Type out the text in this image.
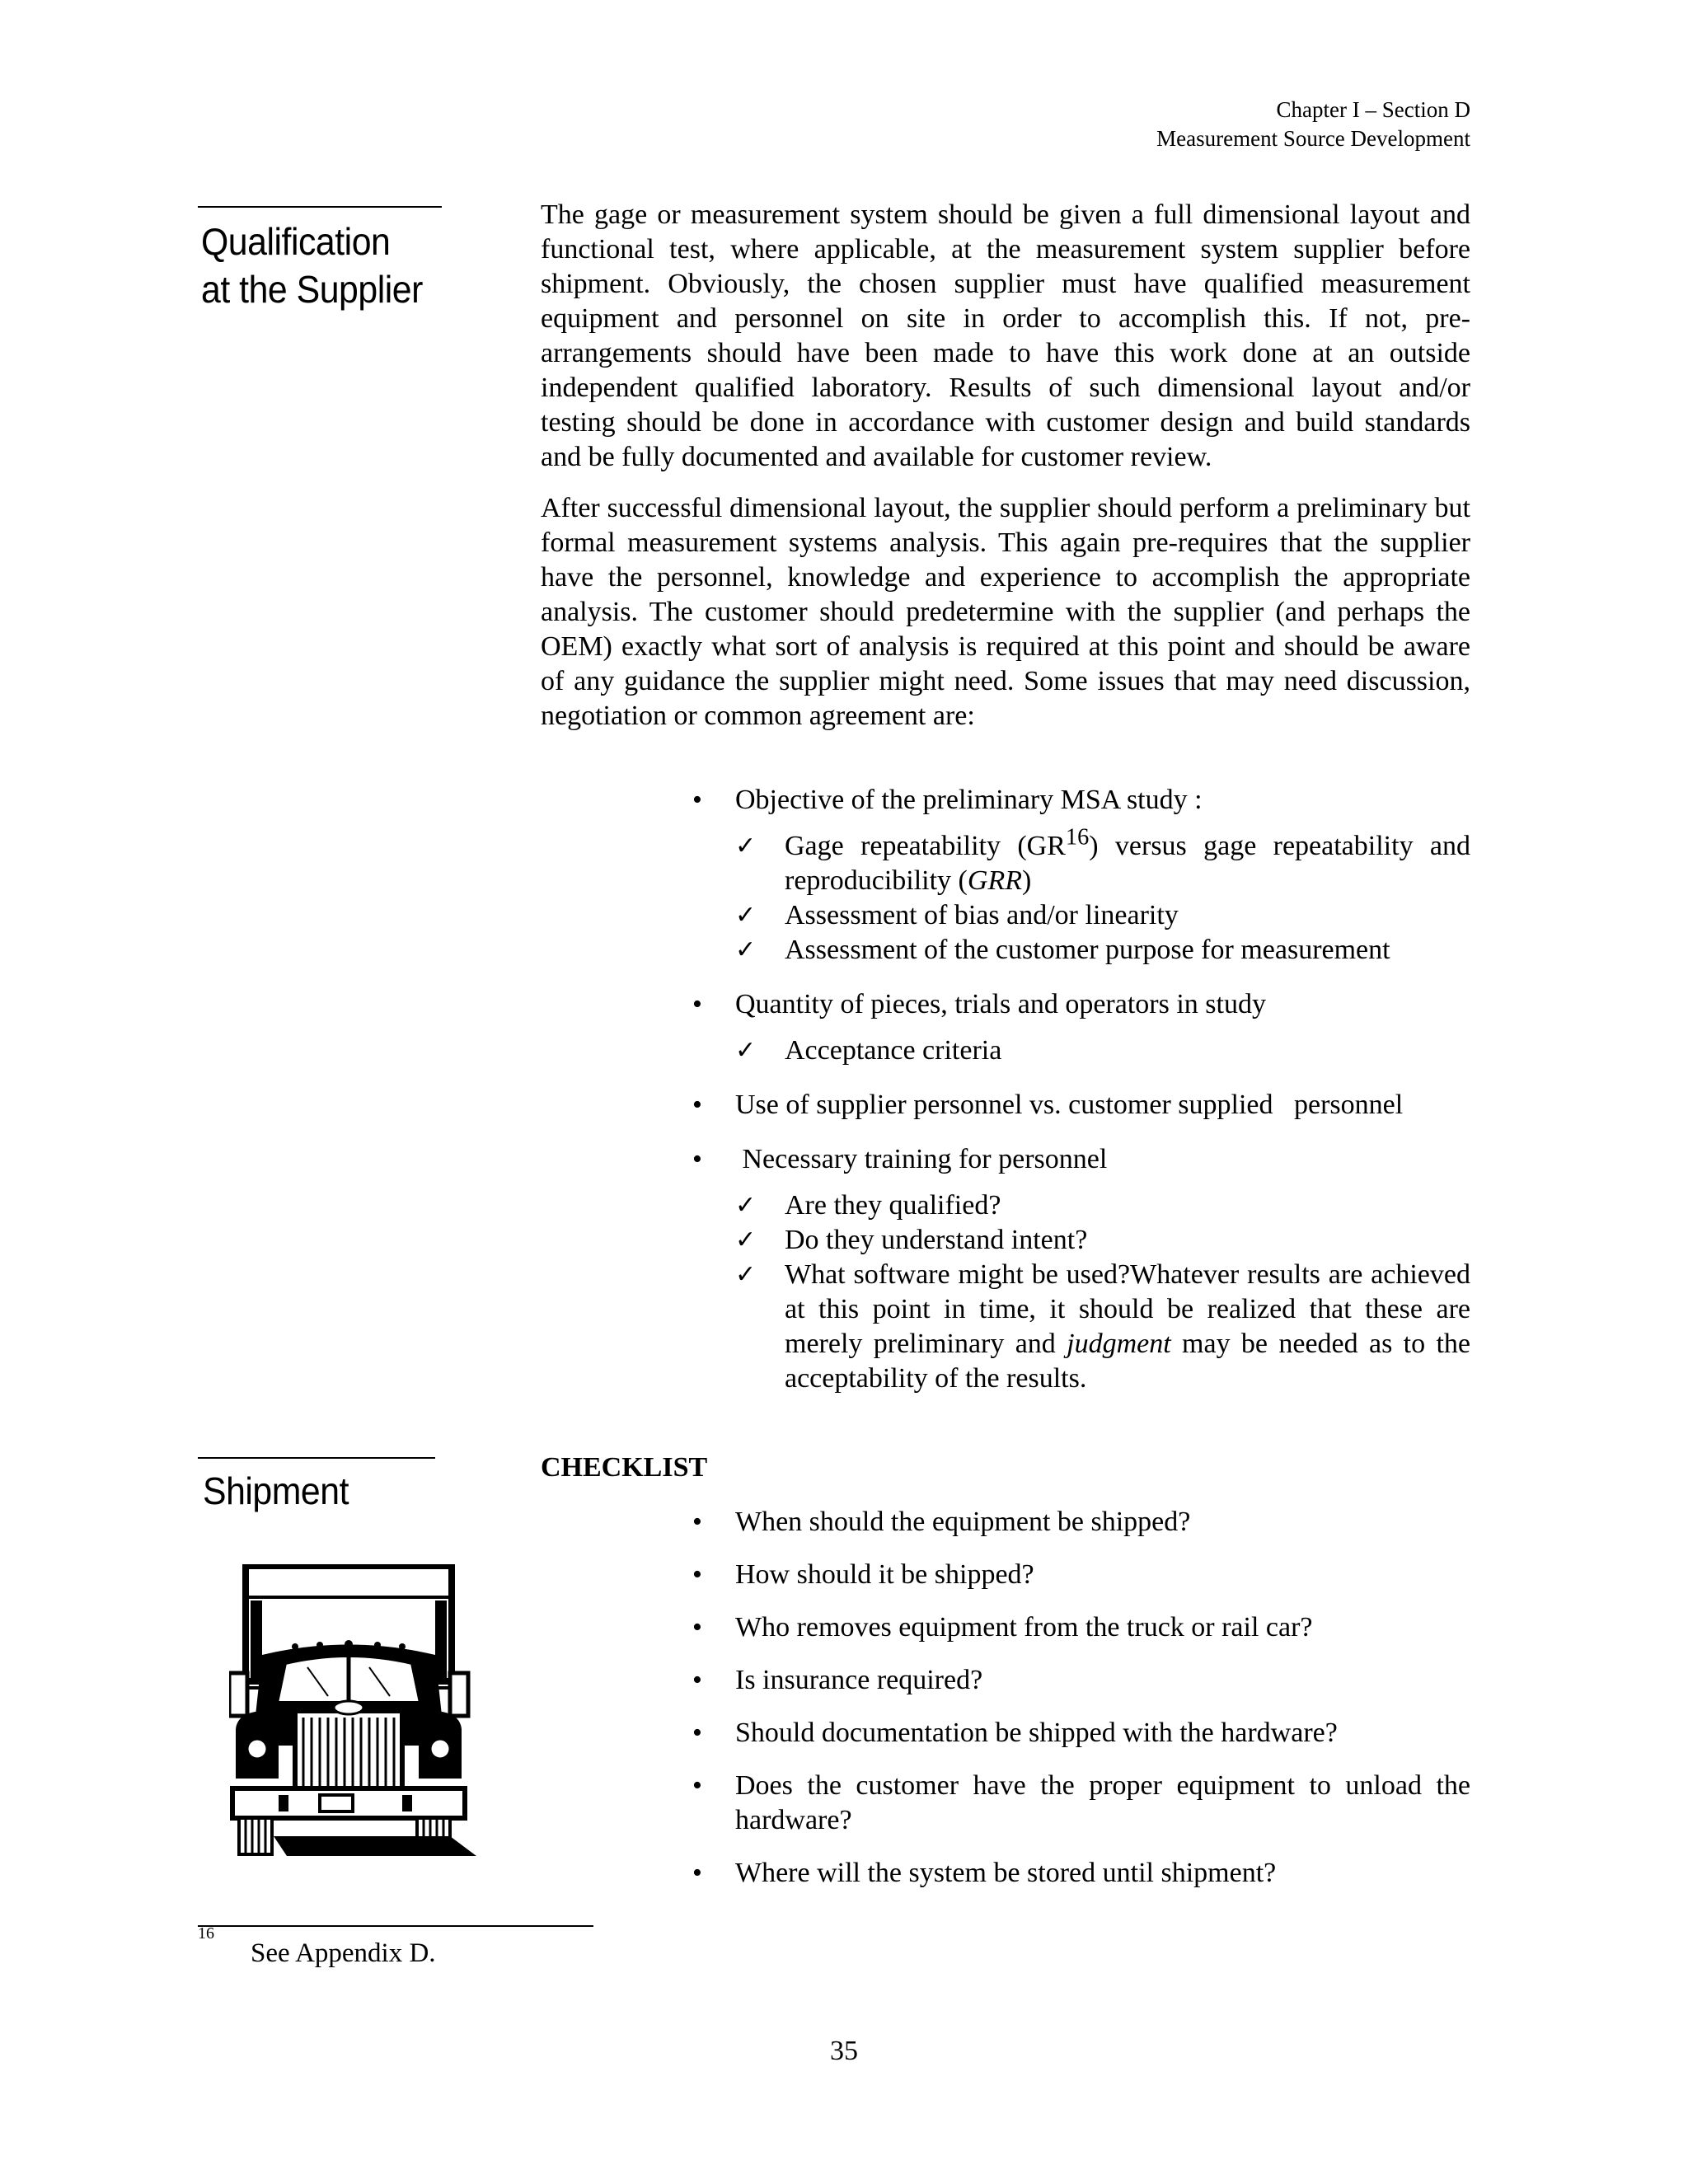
Chapter I – Section D
Measurement Source Development
Qualification
at the Supplier

The gage or measurement system should be given a full dimensional layout and functional test, where applicable, at the measurement system supplier before shipment. Obviously, the chosen supplier must have qualified measurement equipment and personnel on site in order to accomplish this. If not, pre-arrangements should have been made to have this work done at an outside independent qualified laboratory. Results of such dimensional layout and/or testing should be done in accordance with customer design and build standards and be fully documented and available for customer review.

After successful dimensional layout, the supplier should perform a preliminary but formal measurement systems analysis. This again pre-requires that the supplier have the personnel, knowledge and experience to accomplish the appropriate analysis. The customer should predetermine with the supplier (and perhaps the OEM) exactly what sort of analysis is required at this point and should be aware of any guidance the supplier might need. Some issues that may need discussion, negotiation or common agreement are:

• Objective of the preliminary MSA study :
✓ Gage repeatability (GR$^{16}$) versus gage repeatability and reproducibility (GRR)
✓ Assessment of bias and/or linearity
✓ Assessment of the customer purpose for measurement
• Quantity of pieces, trials and operators in study
✓ Acceptance criteria
• Use of supplier personnel vs. customer supplied   personnel
• Necessary training for personnel
✓ Are they qualified?
✓ Do they understand intent?
✓ What software might be used?Whatever results are achieved at this point in time, it should be realized that these are merely preliminary and judgment may be needed as to the acceptability of the results.
Shipment
CHECKLIST
• When should the equipment be shipped?
• How should it be shipped?
• Who removes equipment from the truck or rail car?
• Is insurance required?
• Should documentation be shipped with the hardware?
• Does the customer have the proper equipment to unload the hardware?
• Where will the system be stored until shipment?
$^{16}$See Appendix D.
35
